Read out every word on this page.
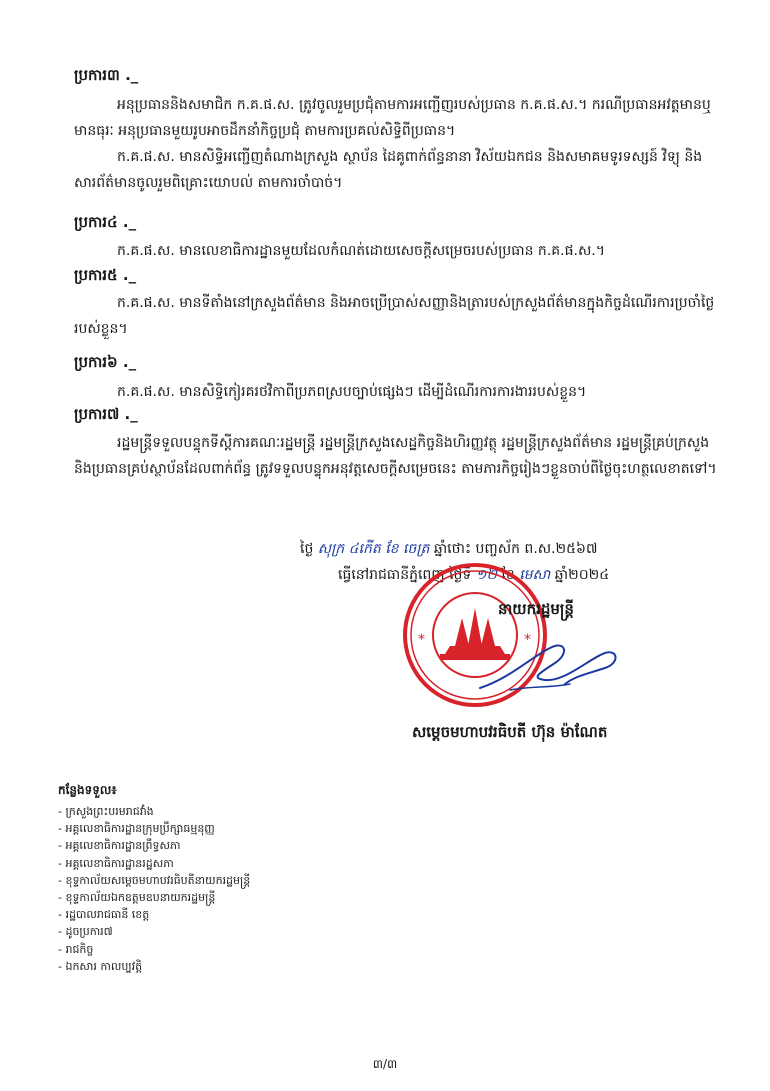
ប្រការ៣ ._
អនុប្រធាននិងសមាជិក ក.គ.ផ.ស. ត្រូវចូលរួមប្រជុំតាមការអញ្ជើញរបស់ប្រធាន ក.គ.ផ.ស.។ ករណីប្រធានអវត្តមានឬមានធុរៈ អនុប្រធានមួយរូបអាចដឹកនាំកិច្ចប្រជុំ តាមការប្រគល់សិទ្ធិពីប្រធាន។
ក.គ.ផ.ស. មានសិទ្ធិអញ្ជើញតំណាងក្រសួង ស្ថាប័ន ដៃគូពាក់ព័ន្ធនានា វិស័យឯកជន និងសមាគមទូរទស្សន៍ វិទ្យុ និងសារព័ត៌មានចូលរួមពិគ្រោះយោបល់ តាមការចាំបាច់។
ប្រការ៤ ._
ក.គ.ផ.ស. មានលេខាធិការដ្ឋានមួយដែលកំណត់ដោយសេចក្តីសម្រេចរបស់ប្រធាន ក.គ.ផ.ស.។
ប្រការ៥ ._
ក.គ.ផ.ស. មានទីតាំងនៅក្រសួងព័ត៌មាន និងអាចប្រើប្រាស់សញ្ញានិងត្រារបស់ក្រសួងព័ត៌មានក្នុងកិច្ចដំណើរការប្រចាំថ្ងៃរបស់ខ្លួន។
ប្រការ៦ ._
ក.គ.ផ.ស. មានសិទ្ធិកៀរគរថវិកាពីប្រភពស្របច្បាប់ផ្សេងៗ ដើម្បីដំណើរការការងាររបស់ខ្លួន។
ប្រការ៧ ._
រដ្ឋមន្ត្រីទទួលបន្ទុកទីស្តីការគណៈរដ្ឋមន្ត្រី រដ្ឋមន្ត្រីក្រសួងសេដ្ឋកិច្ចនិងហិរញ្ញវត្ថុ រដ្ឋមន្ត្រីក្រសួងព័ត៌មាន រដ្ឋមន្ត្រីគ្រប់ក្រសួងនិងប្រធានគ្រប់ស្ថាប័នដែលពាក់ព័ន្ធ ត្រូវទទួលបន្ទុកអនុវត្តសេចក្តីសម្រេចនេះ តាមភារកិច្ចរៀងៗខ្លួនចាប់ពីថ្ងៃចុះហត្ថលេខាតទៅ។
ថ្ងៃ សុក្រ ៤កើត ខែ ចេត្រ ឆ្នាំថោះ បញ្ចស័ក ព.ស.២៥៦៧
ធ្វើនៅរាជធានីភ្នំពេញ ថ្ងៃទី ១២ ខែ មេសា ឆ្នាំ២០២៤
*	*
នាយករដ្ឋមន្ត្រី
សម្តេចមហាបវរធិបតី ហ៊ុន ម៉ាណែត
កន្លែងទទួល៖
- ក្រសួងព្រះបរមរាជវាំង
- អគ្គលេខាធិការដ្ឋានក្រុមប្រឹក្សាធម្មនុញ្ញ
- អគ្គលេខាធិការដ្ឋានព្រឹទ្ធសភា
- អគ្គលេខាធិការដ្ឋានរដ្ឋសភា
- ខុទ្ទកាល័យសម្តេចមហាបវរធិបតីនាយករដ្ឋមន្ត្រី
- ខុទ្ទកាល័យឯកឧត្តមឧបនាយករដ្ឋមន្ត្រី
- រដ្ឋបាលរាជធានី ខេត្ត
- ដូចប្រការ៧
- រាជកិច្ច
- ឯកសារ កាលប្បវត្តិ
៣/៣
